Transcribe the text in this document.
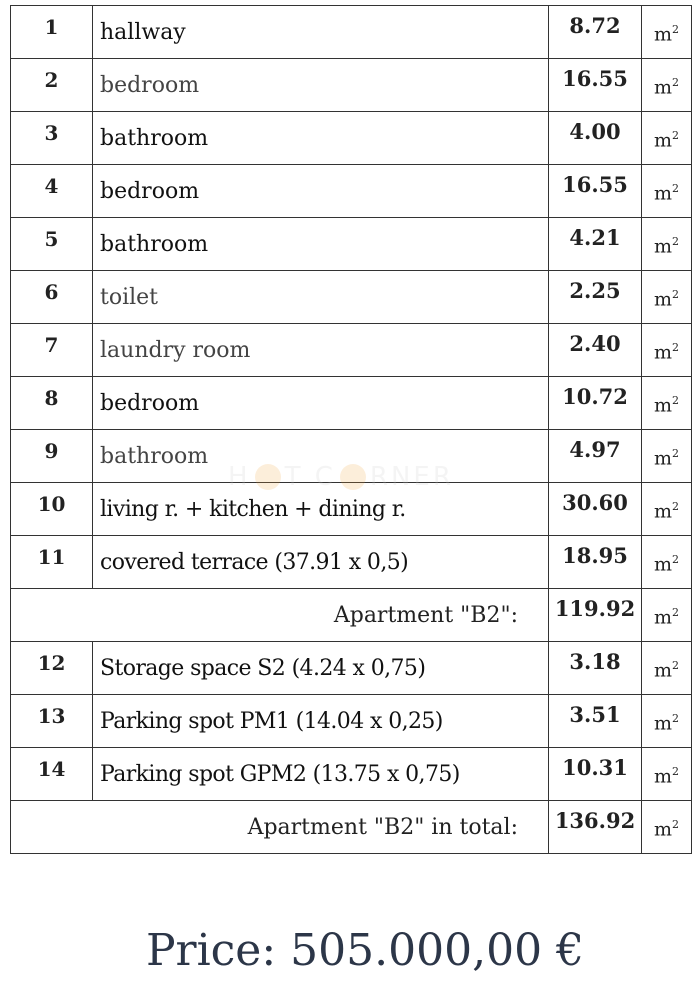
1	hallway	8.72	$m^2$
2	bedroom	16.55	$m^2$
3	bathroom	4.00	$m^2$
4	bedroom	16.55	$m^2$
5	bathroom	4.21	$m^2$
6	toilet	2.25	$m^2$
7	laundry room	2.40	$m^2$
8	bedroom	10.72	$m^2$
9	bathroom	4.97	$m^2$
10	living r. + kitchen + dining r.	30.60	$m^2$
11	covered terrace (37.91 x 0,5)	18.95	$m^2$
Apartment "B2":		119.92	$m^2$
12	Storage space S2 (4.24 x 0,75)	3.18	$m^2$
13	Parking spot PM1 (14.04 x 0,25)	3.51	$m^2$
14	Parking spot GPM2 (13.75 x 0,75)	10.31	$m^2$
Apartment "B2" in total:		136.92	$m^2$
H T C RNER
Price: 505.000,00 €
